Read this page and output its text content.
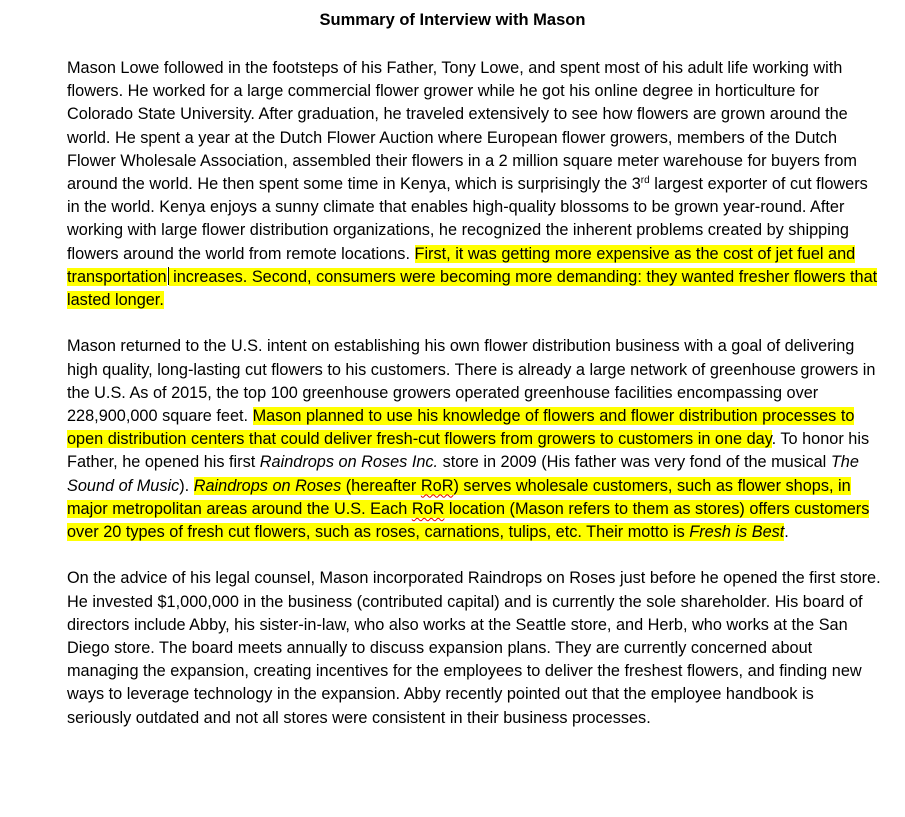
Summary of Interview with Mason

Mason Lowe followed in the footsteps of his Father, Tony Lowe, and spent most of his adult life working with flowers. He worked for a large commercial flower grower while he got his online degree in horticulture for Colorado State University. After graduation, he traveled extensively to see how flowers are grown around the world. He spent a year at the Dutch Flower Auction where European flower growers, members of the Dutch Flower Wholesale Association, assembled their flowers in a 2 million square meter warehouse for buyers from around the world. He then spent some time in Kenya, which is surprisingly the 3rd largest exporter of cut flowers in the world. Kenya enjoys a sunny climate that enables high-quality blossoms to be grown year-round. After working with large flower distribution organizations, he recognized the inherent problems created by shipping flowers around the world from remote locations. First, it was getting more expensive as the cost of jet fuel and transportation increases. Second, consumers were becoming more demanding: they wanted fresher flowers that lasted longer.

Mason returned to the U.S. intent on establishing his own flower distribution business with a goal of delivering high quality, long-lasting cut flowers to his customers. There is already a large network of greenhouse growers in the U.S. As of 2015, the top 100 greenhouse growers operated greenhouse facilities encompassing over 228,900,000 square feet. Mason planned to use his knowledge of flowers and flower distribution processes to open distribution centers that could deliver fresh-cut flowers from growers to customers in one day. To honor his Father, he opened his first Raindrops on Roses Inc. store in 2009 (His father was very fond of the musical The Sound of Music). Raindrops on Roses (hereafter RoR) serves wholesale customers, such as flower shops, in major metropolitan areas around the U.S. Each RoR location (Mason refers to them as stores) offers customers over 20 types of fresh cut flowers, such as roses, carnations, tulips, etc. Their motto is Fresh is Best.

On the advice of his legal counsel, Mason incorporated Raindrops on Roses just before he opened the first store. He invested $1,000,000 in the business (contributed capital) and is currently the sole shareholder. His board of directors include Abby, his sister-in-law, who also works at the Seattle store, and Herb, who works at the San Diego store. The board meets annually to discuss expansion plans. They are currently concerned about managing the expansion, creating incentives for the employees to deliver the freshest flowers, and finding new ways to leverage technology in the expansion. Abby recently pointed out that the employee handbook is seriously outdated and not all stores were consistent in their business processes.
